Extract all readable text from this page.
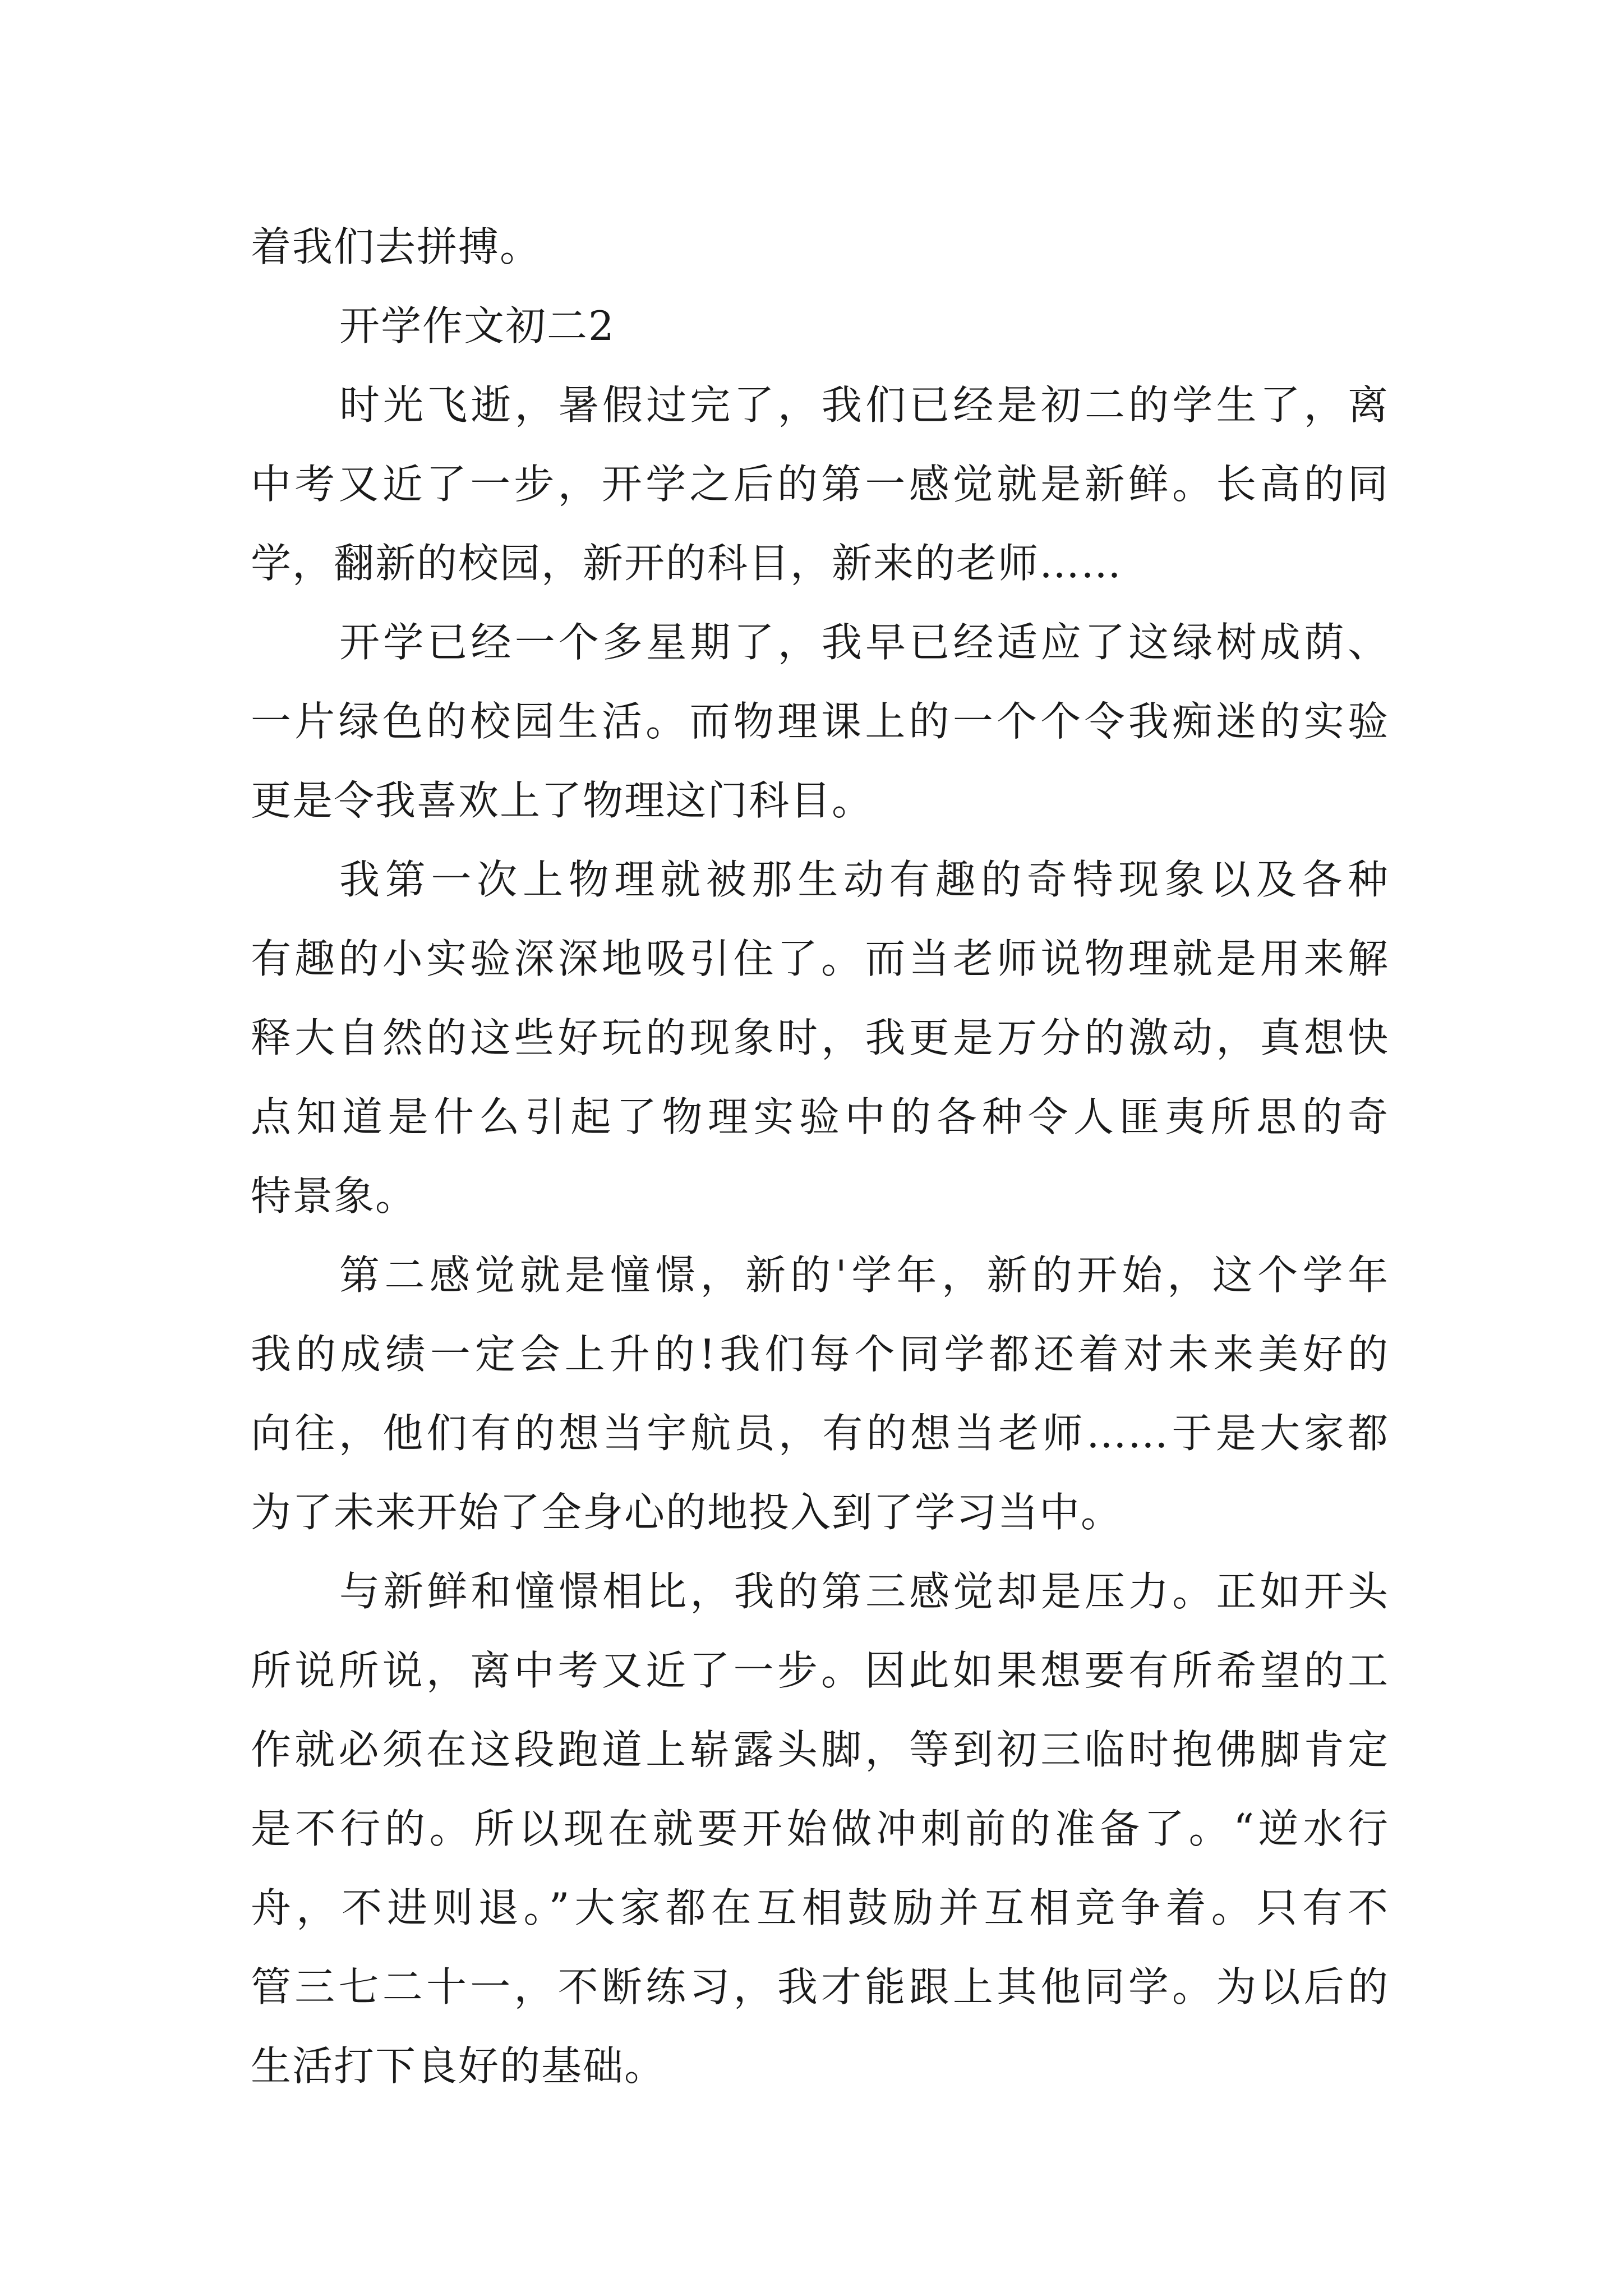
着我们去拼搏。
开学作文初二2
时光飞逝，暑假过完了，我们已经是初二的学生了，离
中考又近了一步，开学之后的第一感觉就是新鲜。长高的同
学，翻新的校园，新开的科目，新来的老师……
开学已经一个多星期了，我早已经适应了这绿树成荫、
一片绿色的校园生活。而物理课上的一个个令我痴迷的实验
更是令我喜欢上了物理这门科目。
我第一次上物理就被那生动有趣的奇特现象以及各种
有趣的小实验深深地吸引住了。而当老师说物理就是用来解
释大自然的这些好玩的现象时，我更是万分的激动，真想快
点知道是什么引起了物理实验中的各种令人匪夷所思的奇
特景象。
第二感觉就是憧憬，新的'学年，新的开始，这个学年
我的成绩一定会上升的!我们每个同学都还着对未来美好的
向往，他们有的想当宇航员，有的想当老师……于是大家都
为了未来开始了全身心的地投入到了学习当中。
与新鲜和憧憬相比，我的第三感觉却是压力。正如开头
所说所说，离中考又近了一步。因此如果想要有所希望的工
作就必须在这段跑道上崭露头脚，等到初三临时抱佛脚肯定
是不行的。所以现在就要开始做冲刺前的准备了。“逆水行
舟，不进则退。”大家都在互相鼓励并互相竞争着。只有不
管三七二十一，不断练习，我才能跟上其他同学。为以后的
生活打下良好的基础。
